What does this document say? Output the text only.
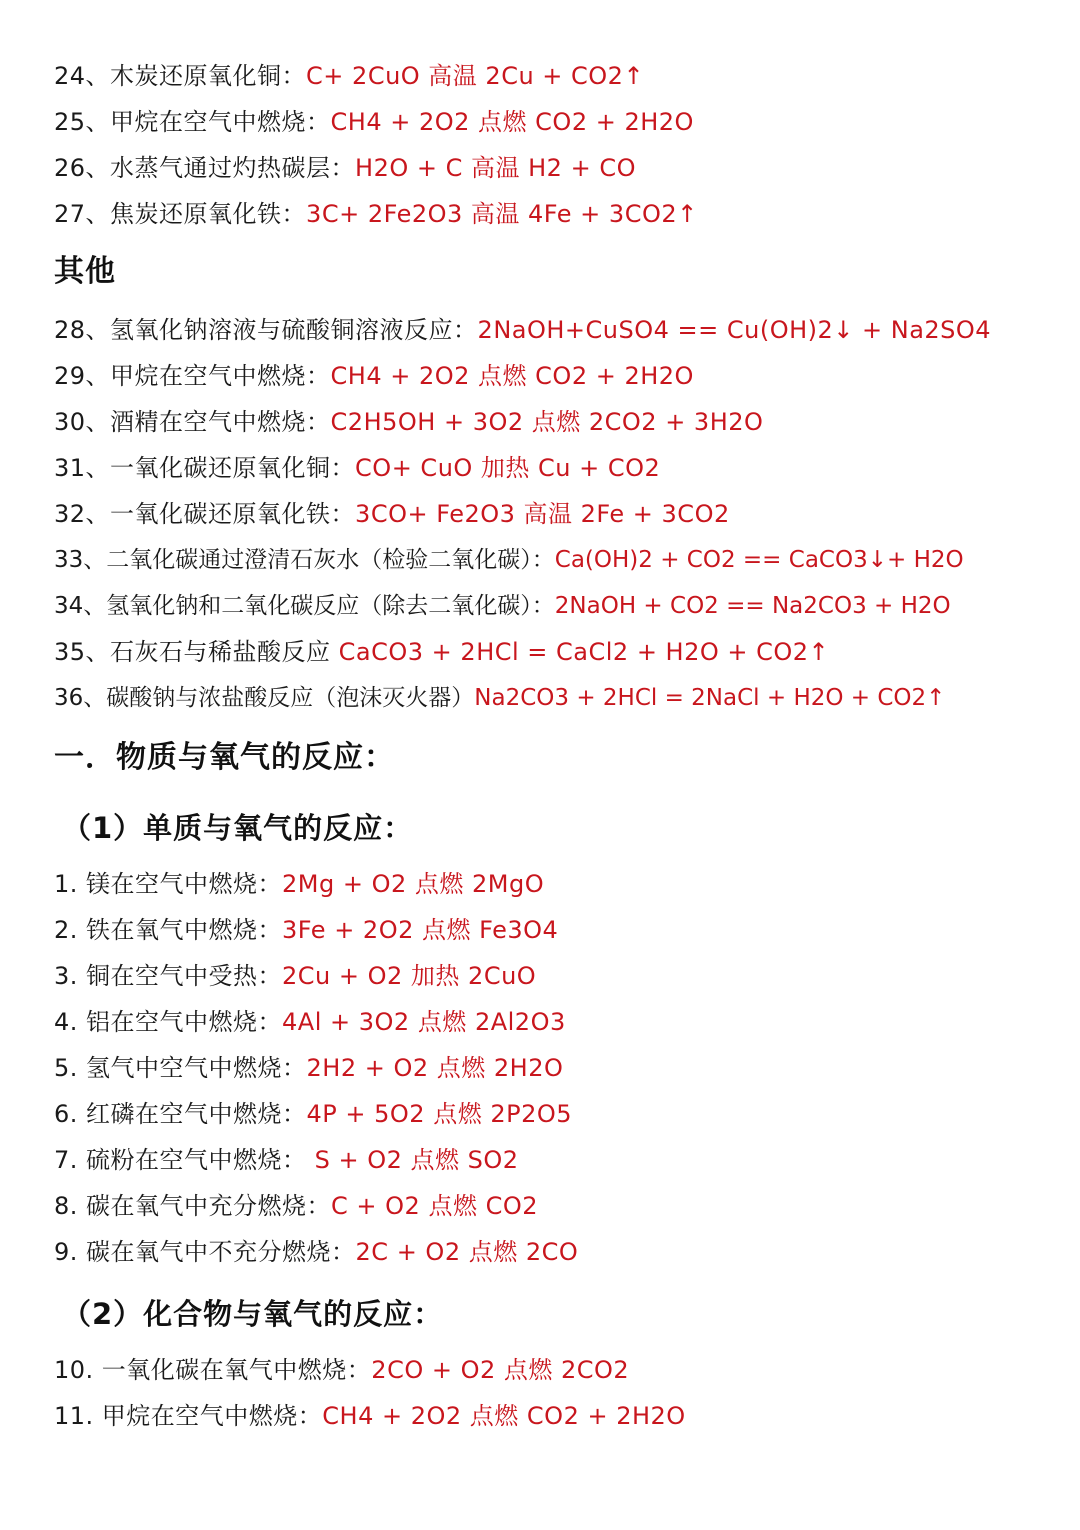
24、木炭还原氧化铜：C+ 2CuO 高温 2Cu + CO2↑
25、甲烷在空气中燃烧：CH4 + 2O2 点燃 CO2 + 2H2O
26、水蒸气通过灼热碳层：H2O + C 高温 H2 + CO
27、焦炭还原氧化铁：3C+ 2Fe2O3 高温 4Fe + 3CO2↑
其他
28、氢氧化钠溶液与硫酸铜溶液反应：2NaOH+CuSO4 == Cu(OH)2↓ + Na2SO4
29、甲烷在空气中燃烧：CH4 + 2O2 点燃 CO2 + 2H2O
30、酒精在空气中燃烧：C2H5OH + 3O2 点燃 2CO2 + 3H2O
31、一氧化碳还原氧化铜：CO+ CuO 加热 Cu + CO2
32、一氧化碳还原氧化铁：3CO+ Fe2O3 高温 2Fe + 3CO2
33、二氧化碳通过澄清石灰水（检验二氧化碳）：Ca(OH)2 + CO2 == CaCO3↓+ H2O
34、氢氧化钠和二氧化碳反应（除去二氧化碳）：2NaOH + CO2 == Na2CO3 + H2O
35、石灰石与稀盐酸反应 CaCO3 + 2HCl = CaCl2 + H2O + CO2↑
36、碳酸钠与浓盐酸反应（泡沫灭火器）Na2CO3 + 2HCl = 2NaCl + H2O + CO2↑
一．物质与氧气的反应：
（1）单质与氧气的反应：
1. 镁在空气中燃烧：2Mg + O2 点燃 2MgO
2. 铁在氧气中燃烧：3Fe + 2O2 点燃 Fe3O4
3. 铜在空气中受热：2Cu + O2 加热 2CuO
4. 铝在空气中燃烧：4Al + 3O2 点燃 2Al2O3
5. 氢气中空气中燃烧：2H2 + O2 点燃 2H2O
6. 红磷在空气中燃烧：4P + 5O2 点燃 2P2O5
7. 硫粉在空气中燃烧： S + O2 点燃 SO2
8. 碳在氧气中充分燃烧：C + O2 点燃 CO2
9. 碳在氧气中不充分燃烧：2C + O2 点燃 2CO
（2）化合物与氧气的反应：
10. 一氧化碳在氧气中燃烧：2CO + O2 点燃 2CO2
11. 甲烷在空气中燃烧：CH4 + 2O2 点燃 CO2 + 2H2O
